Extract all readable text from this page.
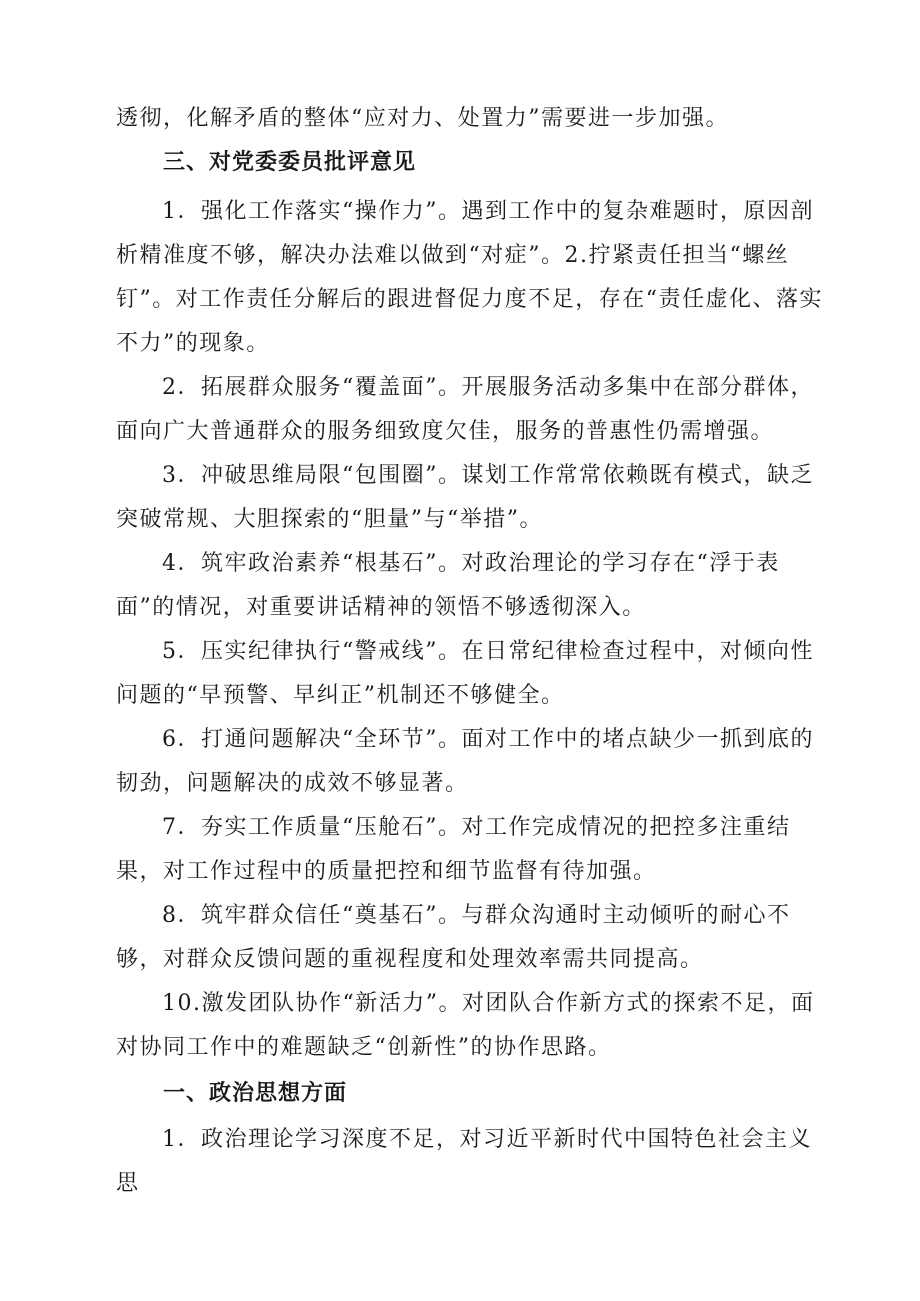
透彻，化解矛盾的整体“应对力、处置力”需要进一步加强。

三、对党委委员批评意见

1．强化工作落实“操作力”。遇到工作中的复杂难题时，原因剖析精准度不够，解决办法难以做到“对症”。2.拧紧责任担当“螺丝钉”。对工作责任分解后的跟进督促力度不足，存在“责任虚化、落实不力”的现象。

2．拓展群众服务“覆盖面”。开展服务活动多集中在部分群体，面向广大普通群众的服务细致度欠佳，服务的普惠性仍需增强。

3．冲破思维局限“包围圈”。谋划工作常常依赖既有模式，缺乏突破常规、大胆探索的“胆量”与“举措”。

4．筑牢政治素养“根基石”。对政治理论的学习存在“浮于表面”的情况，对重要讲话精神的领悟不够透彻深入。

5．压实纪律执行“警戒线”。在日常纪律检查过程中，对倾向性问题的“早预警、早纠正”机制还不够健全。

6．打通问题解决“全环节”。面对工作中的堵点缺少一抓到底的韧劲，问题解决的成效不够显著。

7．夯实工作质量“压舱石”。对工作完成情况的把控多注重结果，对工作过程中的质量把控和细节监督有待加强。

8．筑牢群众信任“奠基石”。与群众沟通时主动倾听的耐心不够，对群众反馈问题的重视程度和处理效率需共同提高。

10.激发团队协作“新活力”。对团队合作新方式的探索不足，面对协同工作中的难题缺乏“创新性”的协作思路。

一、政治思想方面

1．政治理论学习深度不足，对习近平新时代中国特色社会主义思
